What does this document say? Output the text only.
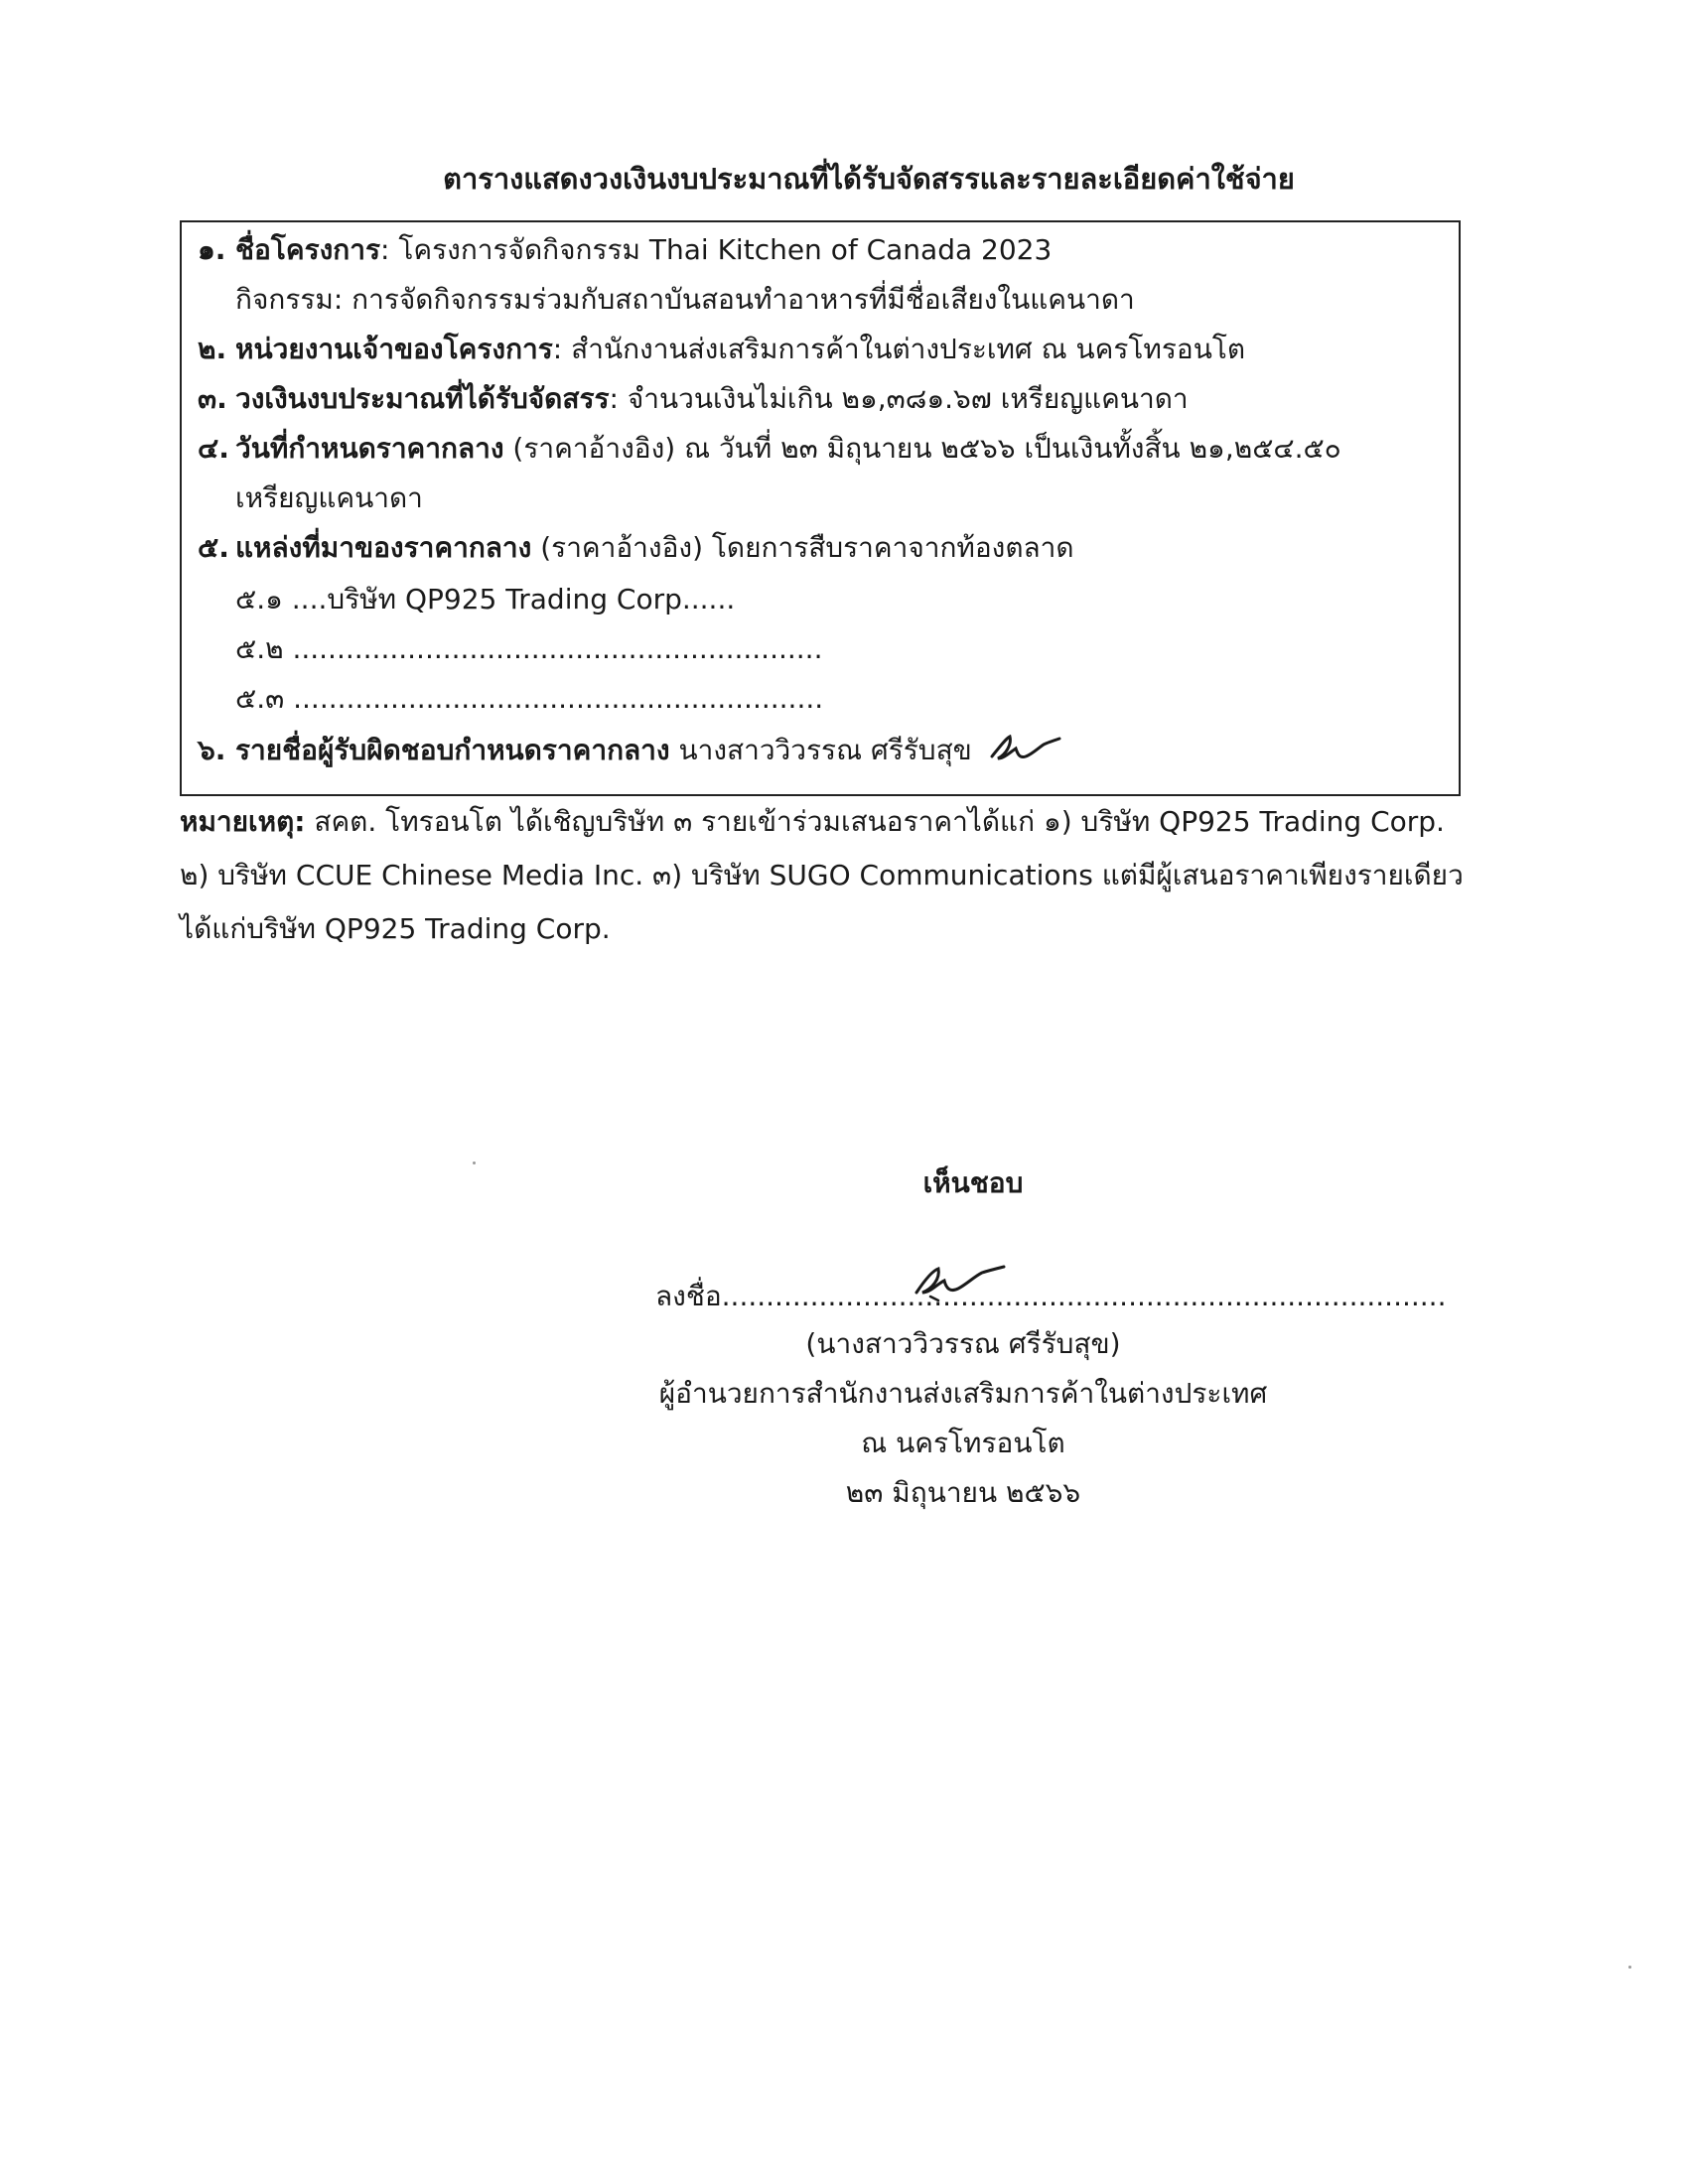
ตารางแสดงวงเงินงบประมาณที่ได้รับจัดสรรและรายละเอียดค่าใช้จ่าย
๑. ชื่อโครงการ: โครงการจัดกิจกรรม Thai Kitchen of Canada 2023
กิจกรรม: การจัดกิจกรรมร่วมกับสถาบันสอนทำอาหารที่มีชื่อเสียงในแคนาดา
๒. หน่วยงานเจ้าของโครงการ: สำนักงานส่งเสริมการค้าในต่างประเทศ ณ นครโทรอนโต
๓. วงเงินงบประมาณที่ได้รับจัดสรร: จำนวนเงินไม่เกิน ๒๑,๓๘๑.๖๗ เหรียญแคนาดา
๔. วันที่กำหนดราคากลาง (ราคาอ้างอิง) ณ วันที่ ๒๓ มิถุนายน ๒๕๖๖ เป็นเงินทั้งสิ้น ๒๑,๒๕๔.๕๐
เหรียญแคนาดา
๕. แหล่งที่มาของราคากลาง (ราคาอ้างอิง) โดยการสืบราคาจากท้องตลาด
๕.๑ ....บริษัท QP925 Trading Corp......
๕.๒ ............................................................
๕.๓ ............................................................
๖. รายชื่อผู้รับผิดชอบกำหนดราคากลาง นางสาววิวรรณ ศรีรับสุข
หมายเหตุ: สคต. โทรอนโต ได้เชิญบริษัท ๓ รายเข้าร่วมเสนอราคาได้แก่ ๑) บริษัท QP925 Trading Corp.
๒) บริษัท CCUE Chinese Media Inc. ๓) บริษัท SUGO Communications แต่มีผู้เสนอราคาเพียงรายเดียว
ได้แก่บริษัท QP925 Trading Corp.
เห็นชอบ
ลงชื่อ..................................................................................
(นางสาววิวรรณ ศรีรับสุข)
ผู้อำนวยการสำนักงานส่งเสริมการค้าในต่างประเทศ
ณ นครโทรอนโต
๒๓ มิถุนายน ๒๕๖๖
